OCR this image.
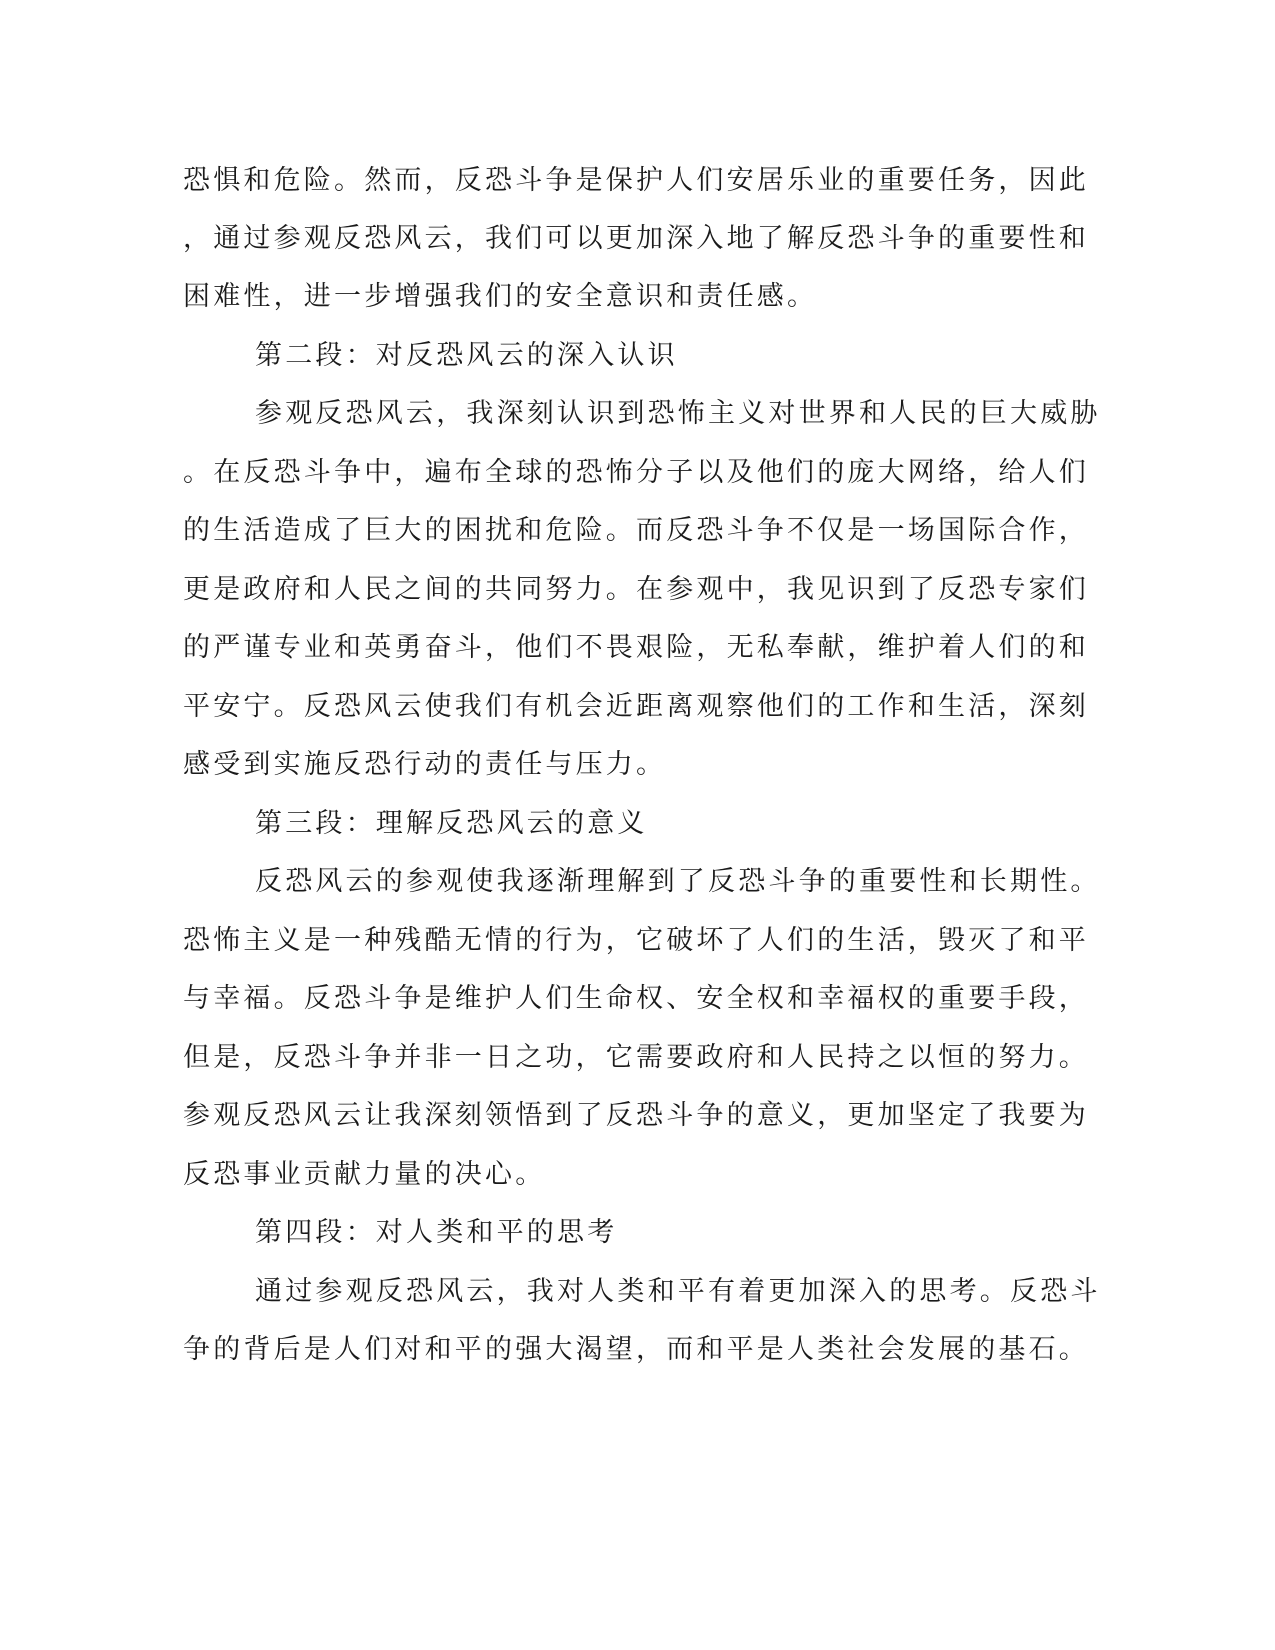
恐惧和危险。然而，反恐斗争是保护人们安居乐业的重要任务，因此
，通过参观反恐风云，我们可以更加深入地了解反恐斗争的重要性和
困难性，进一步增强我们的安全意识和责任感。
第二段：对反恐风云的深入认识
参观反恐风云，我深刻认识到恐怖主义对世界和人民的巨大威胁
。在反恐斗争中，遍布全球的恐怖分子以及他们的庞大网络，给人们
的生活造成了巨大的困扰和危险。而反恐斗争不仅是一场国际合作，
更是政府和人民之间的共同努力。在参观中，我见识到了反恐专家们
的严谨专业和英勇奋斗，他们不畏艰险，无私奉献，维护着人们的和
平安宁。反恐风云使我们有机会近距离观察他们的工作和生活，深刻
感受到实施反恐行动的责任与压力。
第三段：理解反恐风云的意义
反恐风云的参观使我逐渐理解到了反恐斗争的重要性和长期性。
恐怖主义是一种残酷无情的行为，它破坏了人们的生活，毁灭了和平
与幸福。反恐斗争是维护人们生命权、安全权和幸福权的重要手段，
但是，反恐斗争并非一日之功，它需要政府和人民持之以恒的努力。
参观反恐风云让我深刻领悟到了反恐斗争的意义，更加坚定了我要为
反恐事业贡献力量的决心。
第四段：对人类和平的思考
通过参观反恐风云，我对人类和平有着更加深入的思考。反恐斗
争的背后是人们对和平的强大渴望，而和平是人类社会发展的基石。
